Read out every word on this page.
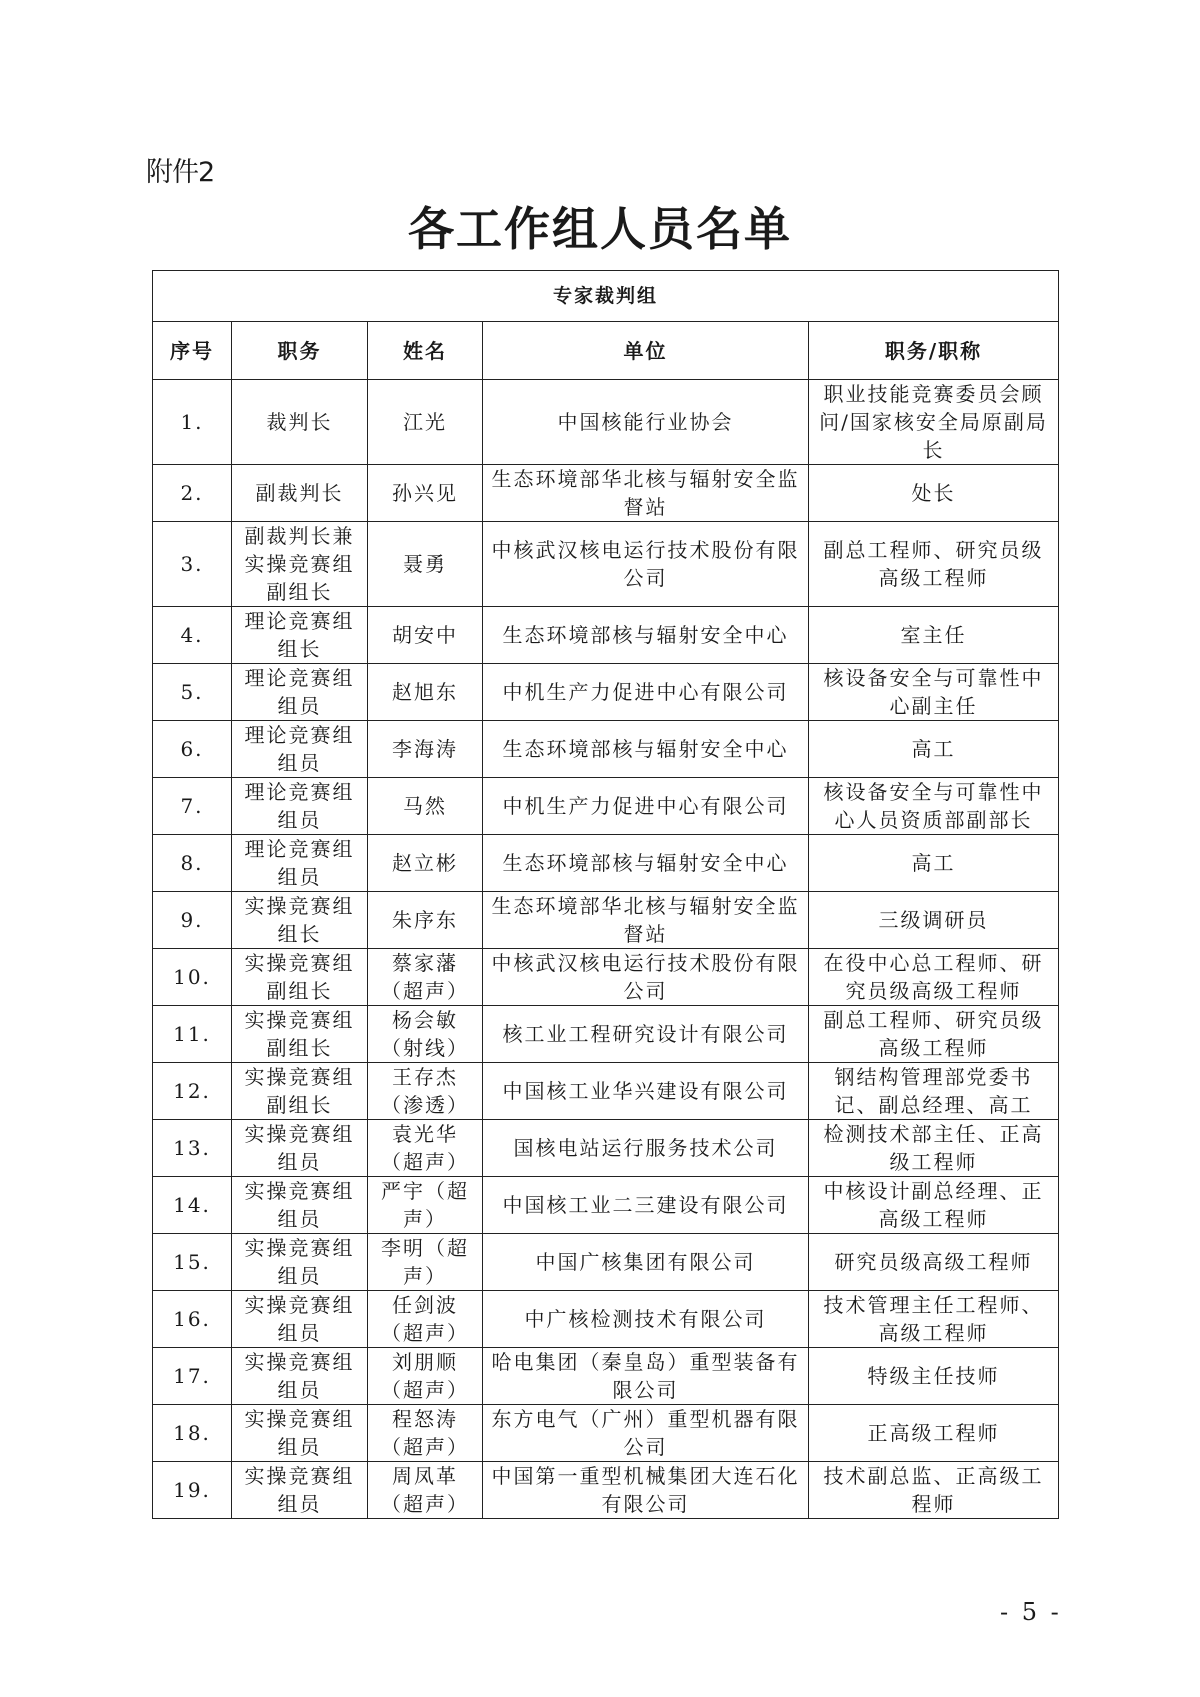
附件2
各工作组人员名单
专家裁判组				
序号	职务	姓名	单位	职务/职称
1.	裁判长	江光	中国核能行业协会	职业技能竞赛委员会顾问/国家核安全局原副局长
2.	副裁判长	孙兴见	生态环境部华北核与辐射安全监督站	处长
3.	副裁判长兼实操竞赛组副组长	聂勇	中核武汉核电运行技术股份有限公司	副总工程师、研究员级高级工程师
4.	理论竞赛组组长	胡安中	生态环境部核与辐射安全中心	室主任
5.	理论竞赛组组员	赵旭东	中机生产力促进中心有限公司	核设备安全与可靠性中心副主任
6.	理论竞赛组组员	李海涛	生态环境部核与辐射安全中心	高工
7.	理论竞赛组组员	马然	中机生产力促进中心有限公司	核设备安全与可靠性中心人员资质部副部长
8.	理论竞赛组组员	赵立彬	生态环境部核与辐射安全中心	高工
9.	实操竞赛组组长	朱序东	生态环境部华北核与辐射安全监督站	三级调研员
10.	实操竞赛组副组长	蔡家藩（超声）	中核武汉核电运行技术股份有限公司	在役中心总工程师、研究员级高级工程师
11.	实操竞赛组副组长	杨会敏（射线）	核工业工程研究设计有限公司	副总工程师、研究员级高级工程师
12.	实操竞赛组副组长	王存杰（渗透）	中国核工业华兴建设有限公司	钢结构管理部党委书记、副总经理、高工
13.	实操竞赛组组员	袁光华（超声）	国核电站运行服务技术公司	检测技术部主任、正高级工程师
14.	实操竞赛组组员	严宇（超声）	中国核工业二三建设有限公司	中核设计副总经理、正高级工程师
15.	实操竞赛组组员	李明（超声）	中国广核集团有限公司	研究员级高级工程师
16.	实操竞赛组组员	任剑波（超声）	中广核检测技术有限公司	技术管理主任工程师、高级工程师
17.	实操竞赛组组员	刘朋顺（超声）	哈电集团（秦皇岛）重型装备有限公司	特级主任技师
18.	实操竞赛组组员	程怒涛（超声）	东方电气（广州）重型机器有限公司	正高级工程师
19.	实操竞赛组组员	周凤革（超声）	中国第一重型机械集团大连石化有限公司	技术副总监、正高级工程师
- 5 -
